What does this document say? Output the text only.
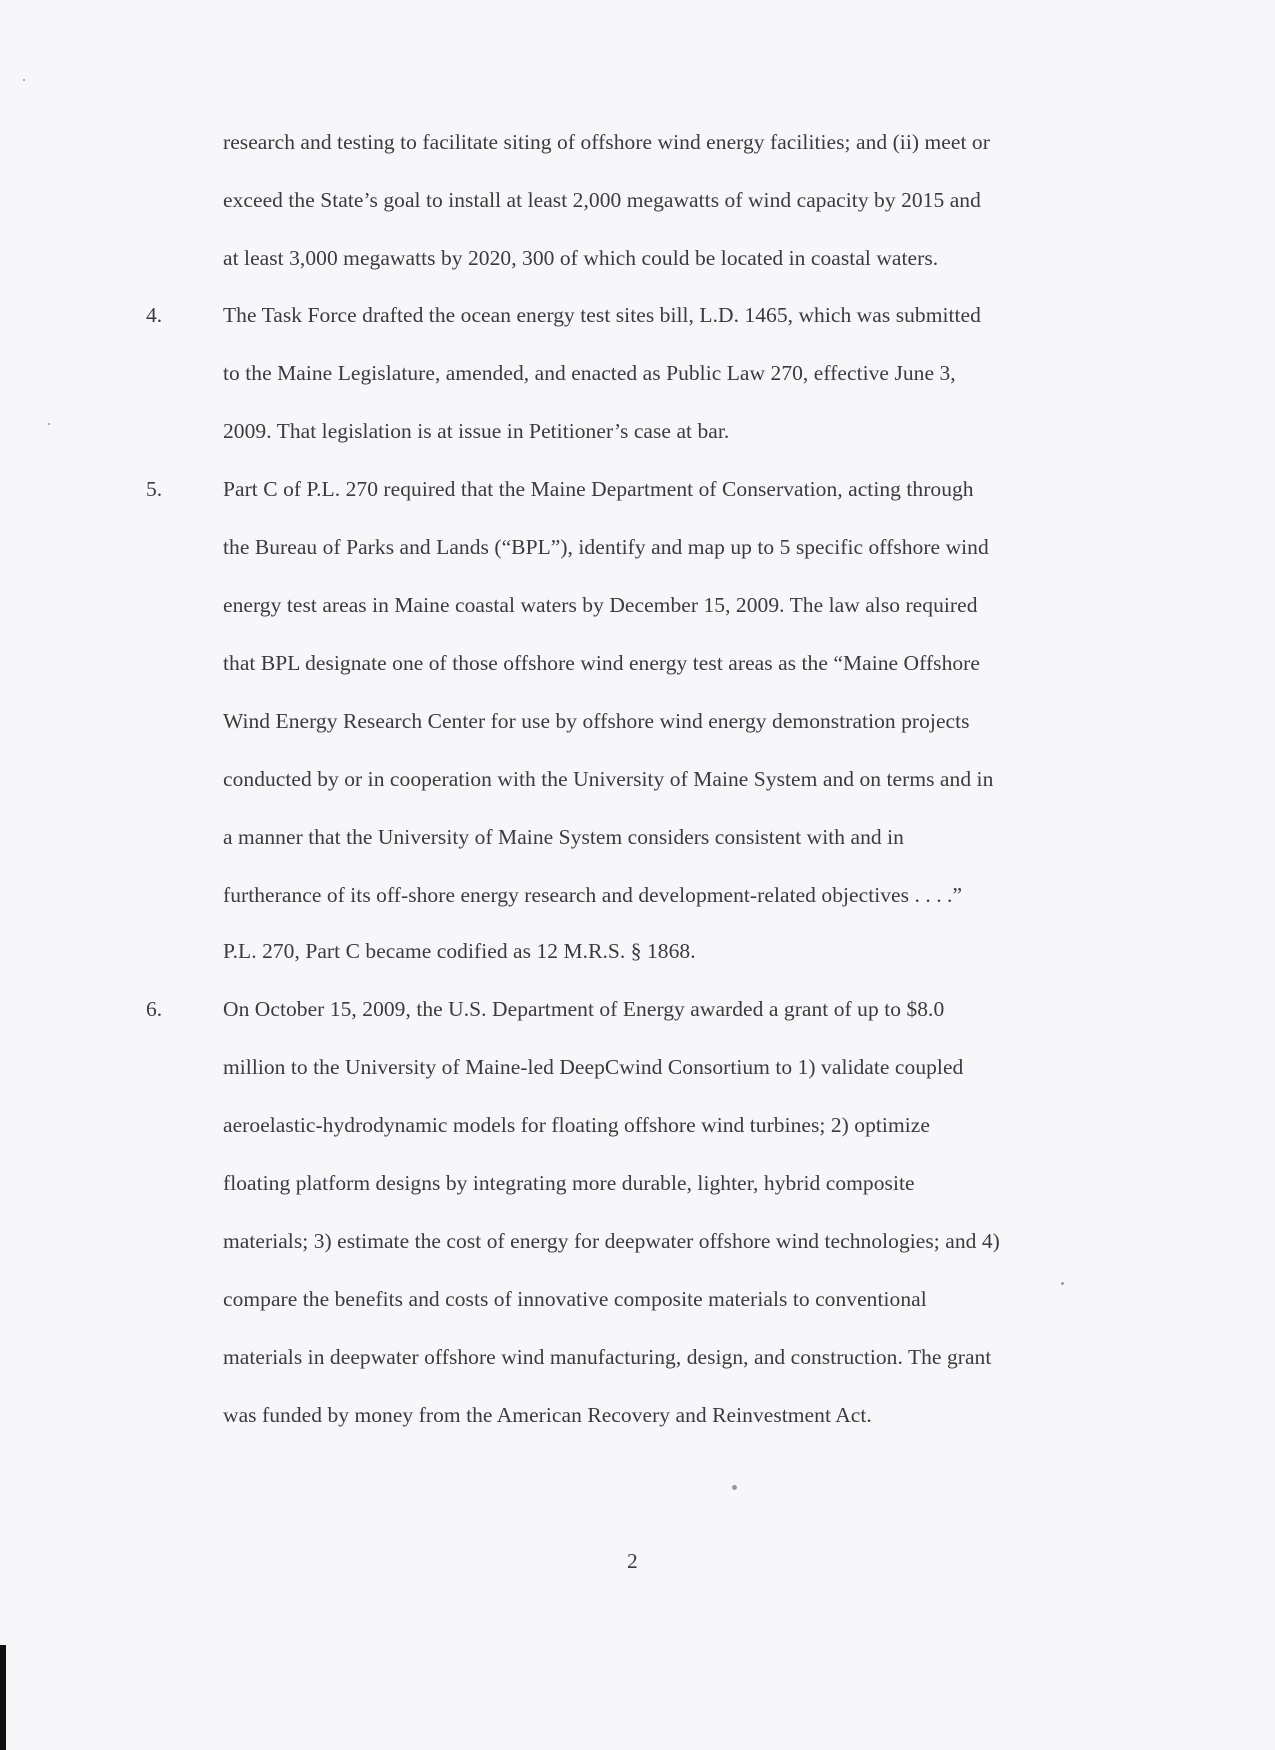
research and testing to facilitate siting of offshore wind energy facilities; and (ii) meet or
exceed the State’s goal to install at least 2,000 megawatts of wind capacity by 2015 and
at least 3,000 megawatts by 2020, 300 of which could be located in coastal waters.
4.	The Task Force drafted the ocean energy test sites bill, L.D. 1465, which was submitted
to the Maine Legislature, amended, and enacted as Public Law 270, effective June 3,
2009. That legislation is at issue in Petitioner’s case at bar.
5.	Part C of P.L. 270 required that the Maine Department of Conservation, acting through
the Bureau of Parks and Lands (“BPL”), identify and map up to 5 specific offshore wind
energy test areas in Maine coastal waters by December 15, 2009. The law also required
that BPL designate one of those offshore wind energy test areas as the “Maine Offshore
Wind Energy Research Center for use by offshore wind energy demonstration projects
conducted by or in cooperation with the University of Maine System and on terms and in
a manner that the University of Maine System considers consistent with and in
furtherance of its off-shore energy research and development-related objectives . . . .”
P.L. 270, Part C became codified as 12 M.R.S. § 1868.
6.	On October 15, 2009, the U.S. Department of Energy awarded a grant of up to $8.0
million to the University of Maine-led DeepCwind Consortium to 1) validate coupled
aeroelastic-hydrodynamic models for floating offshore wind turbines; 2) optimize
floating platform designs by integrating more durable, lighter, hybrid composite
materials; 3) estimate the cost of energy for deepwater offshore wind technologies; and 4)
compare the benefits and costs of innovative composite materials to conventional
materials in deepwater offshore wind manufacturing, design, and construction. The grant
was funded by money from the American Recovery and Reinvestment Act.
2
